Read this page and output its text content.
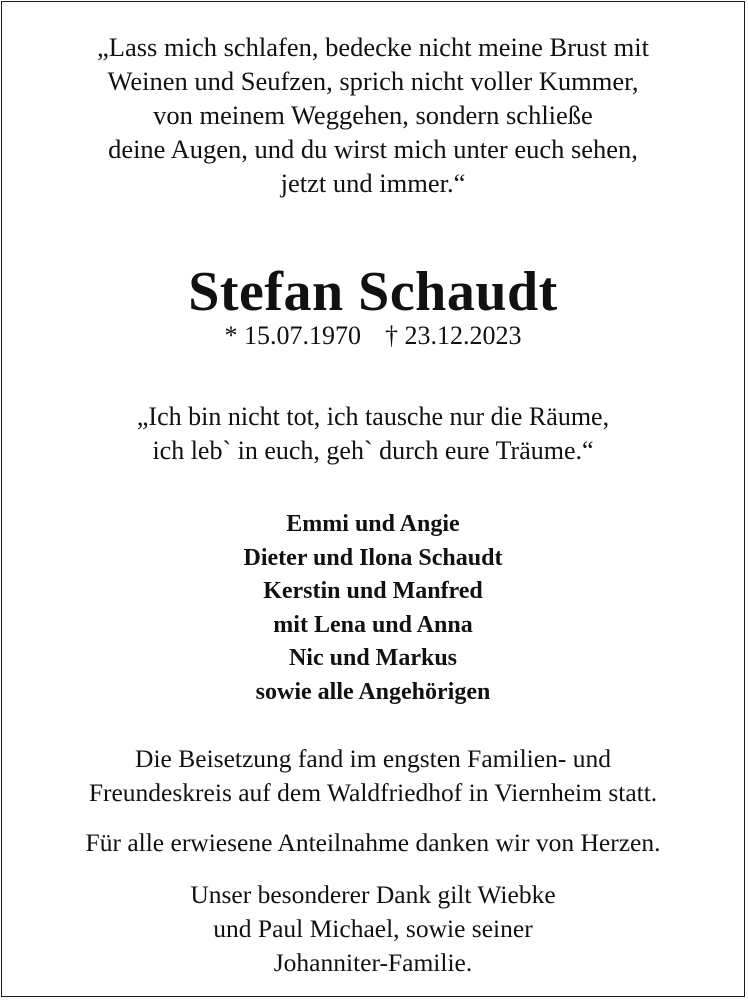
„Lass mich schlafen, bedecke nicht meine Brust mit
Weinen und Seufzen, sprich nicht voller Kummer,
von meinem Weggehen, sondern schließe
deine Augen, und du wirst mich unter euch sehen,
jetzt und immer.“
Stefan Schaudt
* 15.07.1970 † 23.12.2023
„Ich bin nicht tot, ich tausche nur die Räume,
ich leb` in euch, geh` durch eure Träume.“
Emmi und Angie
Dieter und Ilona Schaudt
Kerstin und Manfred
mit Lena und Anna
Nic und Markus
sowie alle Angehörigen
Die Beisetzung fand im engsten Familien- und
Freundeskreis auf dem Waldfriedhof in Viernheim statt.
Für alle erwiesene Anteilnahme danken wir von Herzen.
Unser besonderer Dank gilt Wiebke
und Paul Michael, sowie seiner
Johanniter-Familie.
